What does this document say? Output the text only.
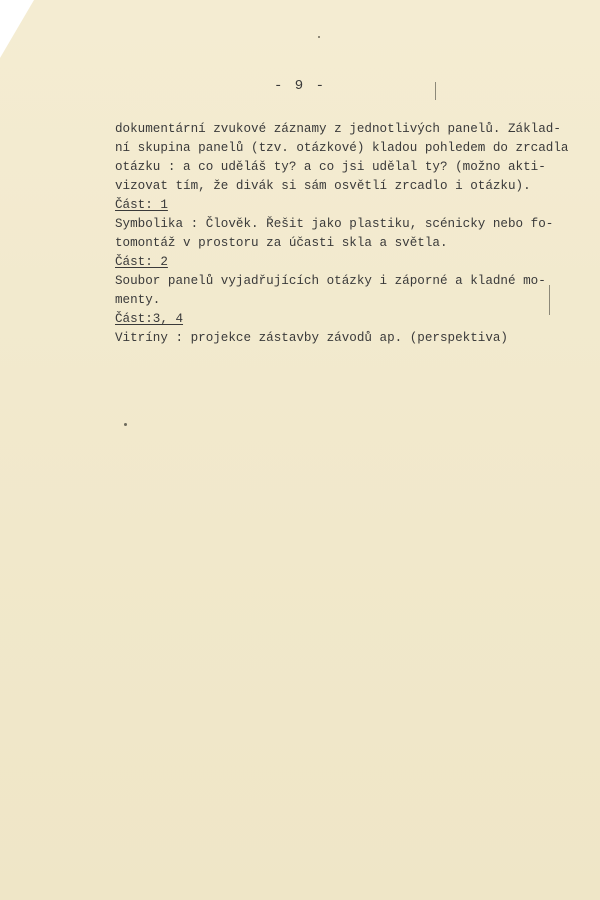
- 9 -
dokumentární zvukové záznamy z jednotlivých panelů. Základ-
ní skupina panelů (tzv. otázkové) kladou pohledem do zrcadla
otázku : a co uděláš ty? a co jsi udělal ty? (možno akti-
vizovat tím, že divák si sám osvětlí zrcadlo i otázku).
Část: 1
Symbolika : Člověk. Řešit jako plastiku, scénicky nebo fo-
tomontáž v prostoru za účasti skla a světla.
Část: 2
Soubor panelů vyjadřujících otázky i záporné a kladné mo-
menty.
Část:3, 4
Vitríny : projekce zástavby závodů ap. (perspektiva)
